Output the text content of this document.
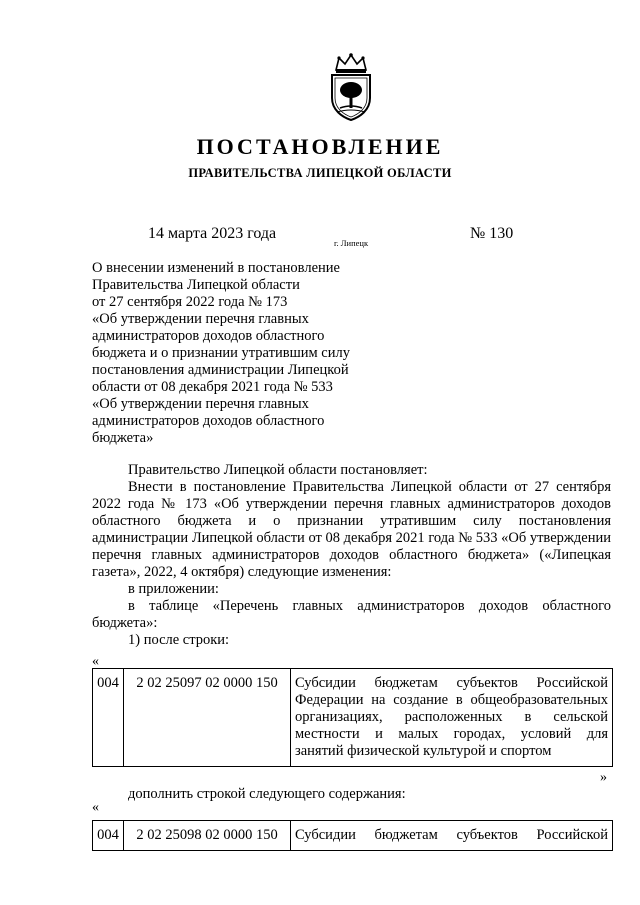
ПОСТАНОВЛЕНИЕ
ПРАВИТЕЛЬСТВА ЛИПЕЦКОЙ ОБЛАСТИ
14 марта 2023 года
г. Липецк
№ 130
О внесении изменений в постановление
Правительства Липецкой области
от 27 сентября 2022 года № 173
«Об утверждении перечня главных
администраторов доходов областного
бюджета и о признании утратившим силу
постановления администрации Липецкой
области от 08 декабря 2021 года № 533
«Об утверждении перечня главных
администраторов доходов областного
бюджета»

Правительство Липецкой области постановляет:

Внести в постановление Правительства Липецкой области от 27 сентября 2022 года № 173 «Об утверждении перечня главных администраторов доходов областного бюджета и о признании утратившим силу постановления администрации Липецкой области от 08 декабря 2021 года № 533 «Об утверждении перечня главных администраторов доходов областного бюджета» («Липецкая газета», 2022, 4 октября) следующие изменения:

в приложении:

в таблице «Перечень главных администраторов доходов областного бюджета»:

1) после строки:

«
004	2 02 25097 02 0000 150	Субсидии бюджетам субъектов Российской
Федерации на создание в общеобразовательных
организациях, расположенных в сельской
местности и малых городах, условий для
занятий физической культурой и спортом
»
дополнить строкой следующего содержания:
«
004	2 02 25098 02 0000 150	Субсидии бюджетам субъектов Российской
